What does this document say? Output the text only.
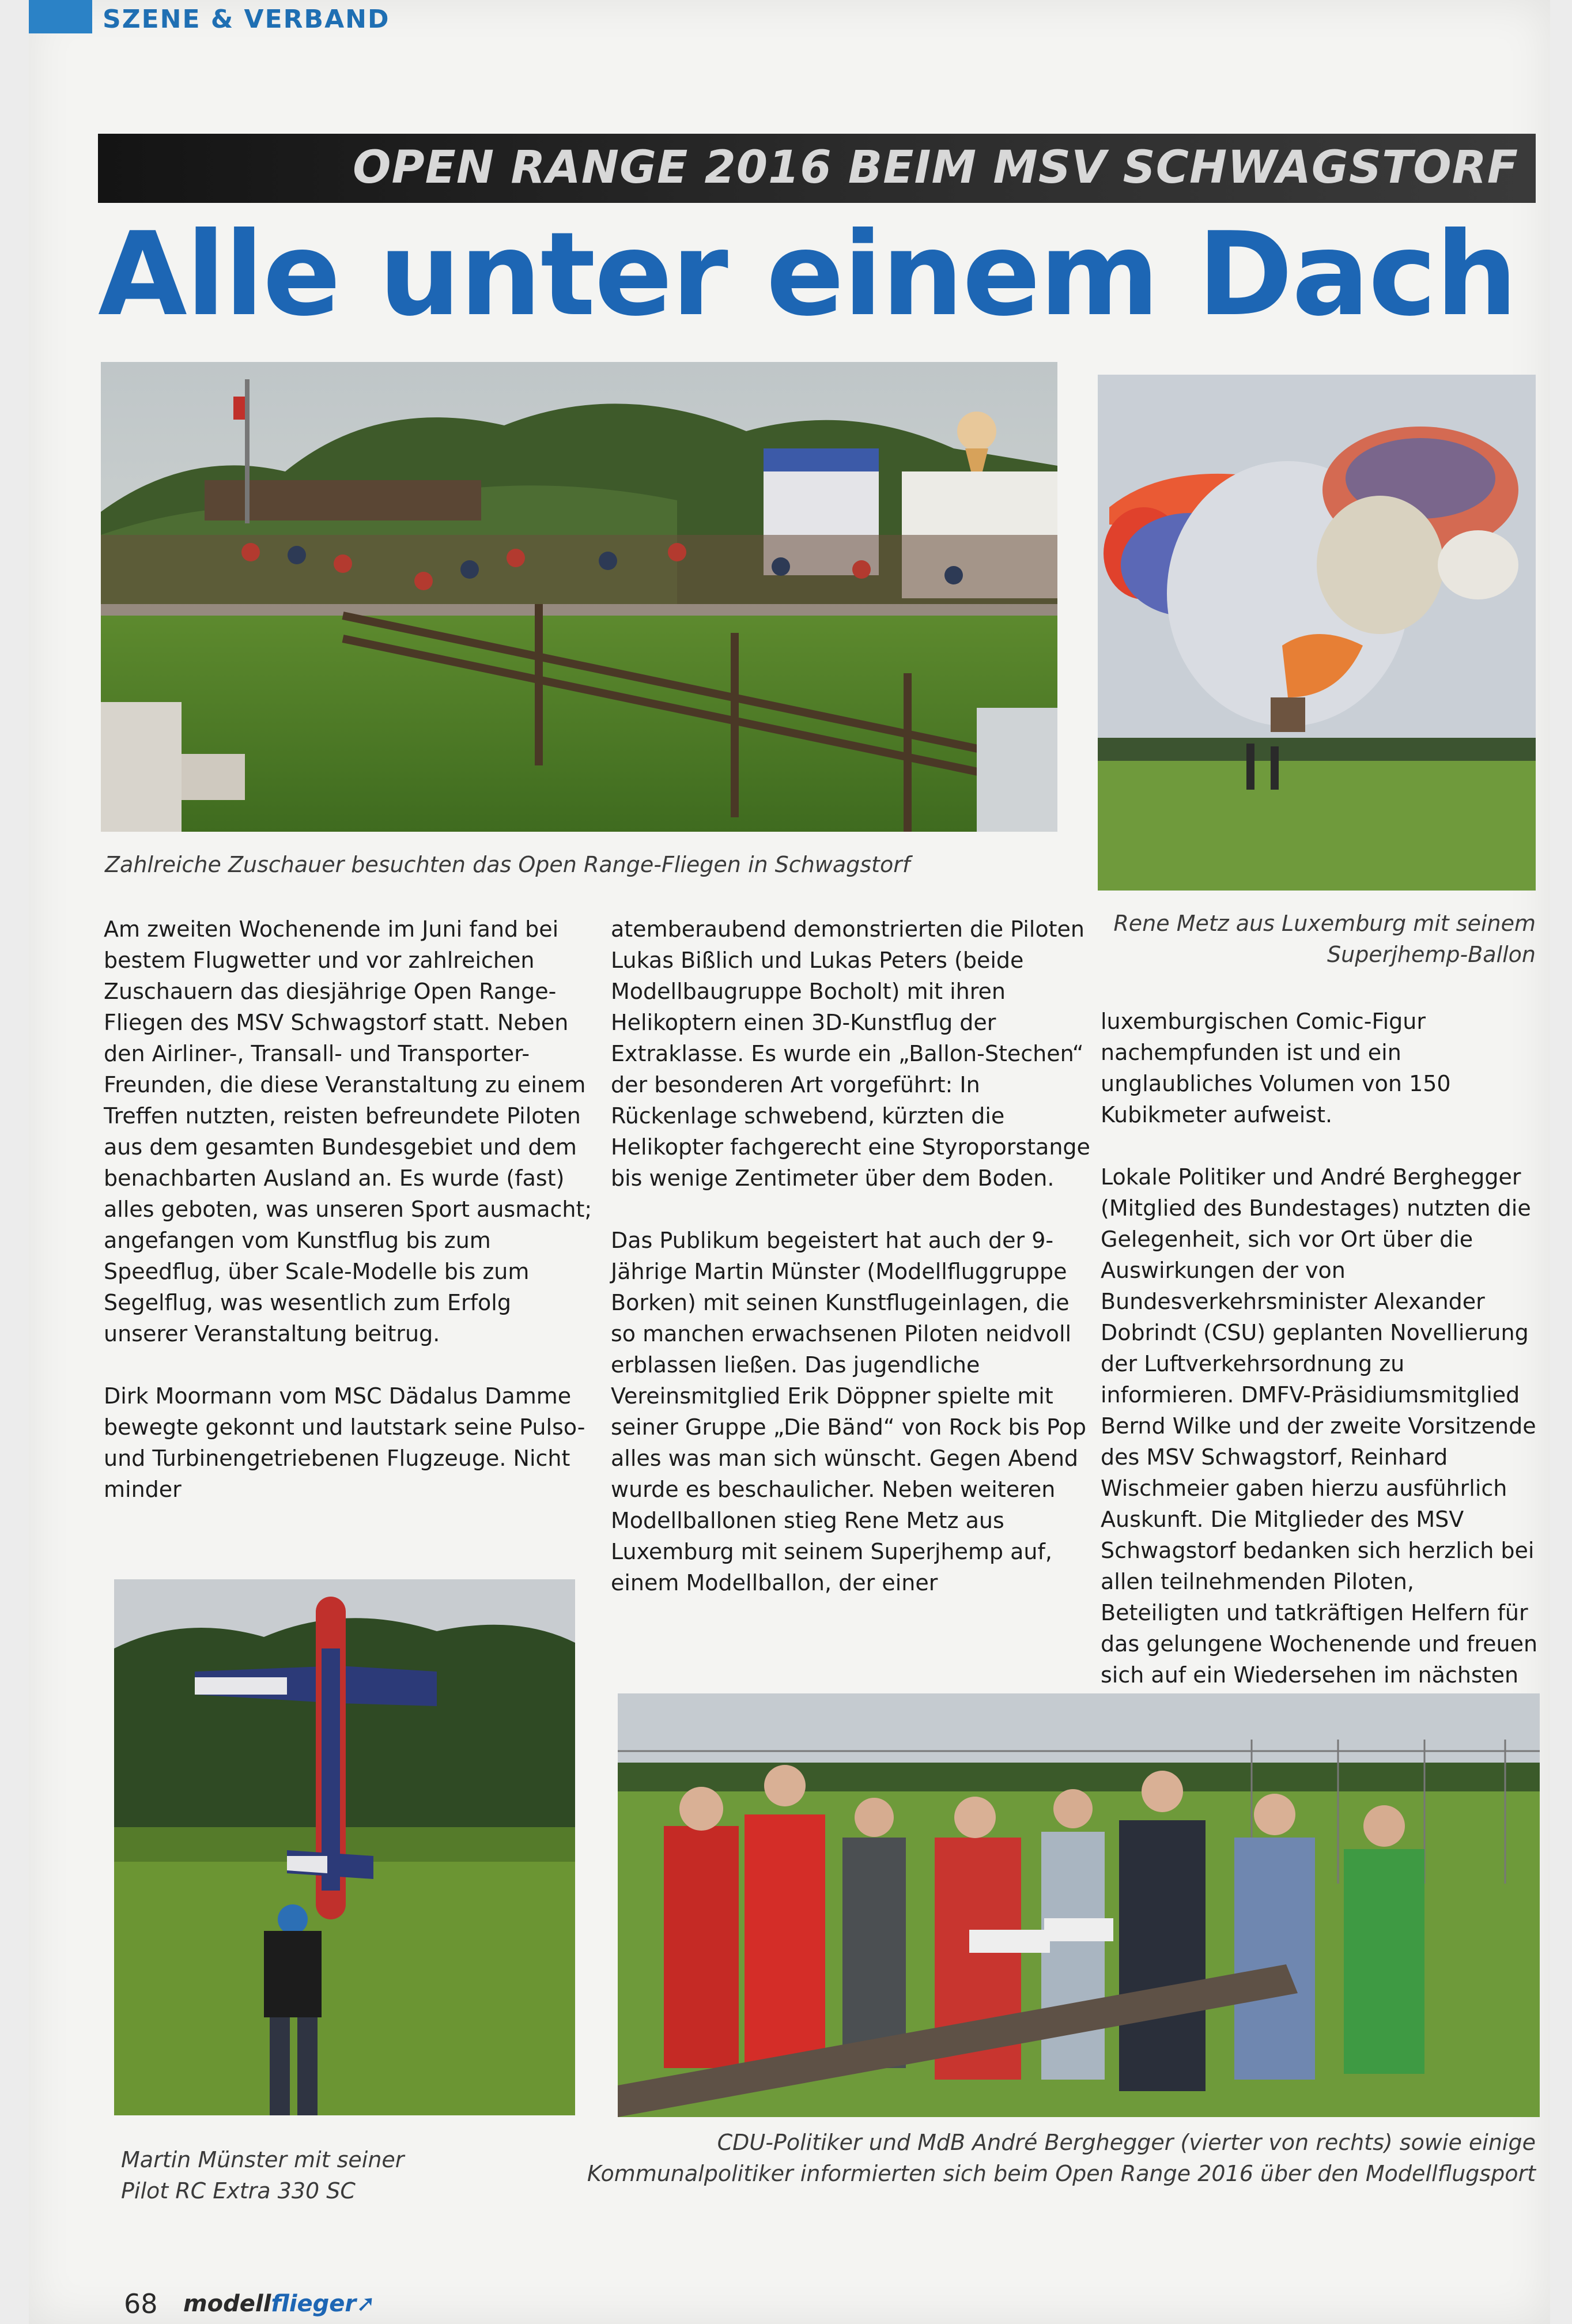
SZENE & VERBAND
OPEN RANGE 2016 BEIM MSV SCHWAGSTORF
Alle unter einem Dach
Zahlreiche Zuschauer besuchten das Open Range-Fliegen in Schwagstorf
Rene Metz aus Luxemburg mit seinem
Superjhemp-Ballon

Am zweiten Wochenende im Juni fand bei bestem Flugwetter und vor zahlreichen Zuschauern das diesjährige Open Range-Fliegen des MSV Schwagstorf statt. Neben den Airliner-, Transall- und Transporter-Freunden, die diese Veranstaltung zu einem Treffen nutzten, reisten befreundete Piloten aus dem gesamten Bundesgebiet und dem benachbarten Ausland an. Es wurde (fast) alles geboten, was unseren Sport ausmacht; angefangen vom Kunstflug bis zum Speedflug, über Scale-Modelle bis zum Segelflug, was wesentlich zum Erfolg unserer Veranstaltung beitrug.

Dirk Moormann vom MSC Dädalus Damme bewegte gekonnt und lautstark seine Pulso- und Turbinengetriebenen Flugzeuge. Nicht minder

atemberaubend demonstrierten die Piloten Lukas Bißlich und Lukas Peters (beide Modellbaugruppe Bocholt) mit ihren Helikoptern einen 3D-Kunstflug der Extraklasse. Es wurde ein „Ballon-Stechen“ der besonderen Art vorgeführt: In Rückenlage schwebend, kürzten die Helikopter fachgerecht eine Styroporstange bis wenige Zentimeter über dem Boden.

Das Publikum begeistert hat auch der 9-Jährige Martin Münster (Modellfluggruppe Borken) mit seinen Kunstflugeinlagen, die so manchen erwachsenen Piloten neidvoll erblassen ließen. Das jugendliche Vereinsmitglied Erik Döppner spielte mit seiner Gruppe „Die Bänd“ von Rock bis Pop alles was man sich wünscht. Gegen Abend wurde es beschaulicher. Neben weiteren Modellballonen stieg Rene Metz aus Luxemburg mit seinem Superjhemp auf, einem Modellballon, der einer

luxemburgischen Comic-Figur nachempfunden ist und ein unglaubliches Volumen von 150 Kubikmeter aufweist.

Lokale Politiker und André Berghegger (Mitglied des Bundestages) nutzten die Gelegenheit, sich vor Ort über die Auswirkungen der von Bundesverkehrsminister Alexander Dobrindt (CSU) geplanten Novellierung der Luftverkehrsordnung zu informieren. DMFV-Präsidiumsmitglied Bernd Wilke und der zweite Vorsitzende des MSV Schwagstorf, Reinhard Wischmeier gaben hierzu ausführlich Auskunft. Die Mitglieder des MSV Schwagstorf bedanken sich herzlich bei allen teilnehmenden Piloten, Beteiligten und tatkräftigen Helfern für das gelungene Wochenende und freuen sich auf ein Wiedersehen im nächsten

Martin Münster mit seiner
Pilot RC Extra 330 SC
CDU-Politiker und MdB André Berghegger (vierter von rechts) sowie einige
Kommunalpolitiker informierten sich beim Open Range 2016 über den Modellflugsport
68 modellflieger➚
